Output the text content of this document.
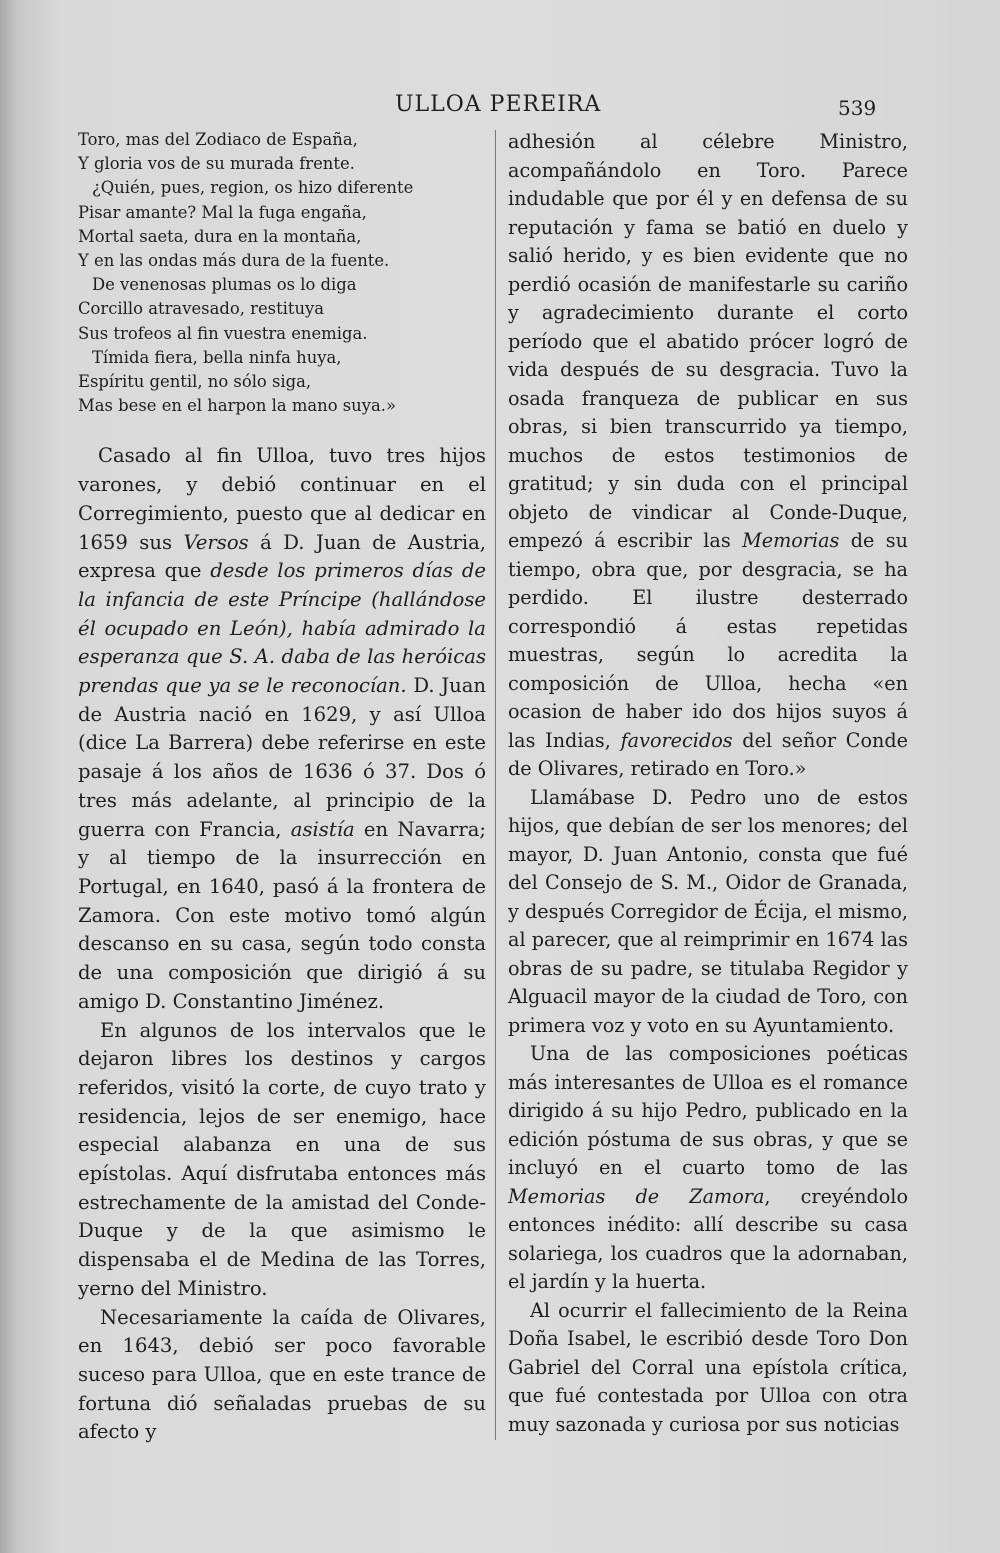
ULLOA PEREIRA	539
Toro, mas del Zodiaco de España,
Y gloria vos de su murada frente.
¿Quién, pues, region, os hizo diferente
Pisar amante? Mal la fuga engaña,
Mortal saeta, dura en la montaña,
Y en las ondas más dura de la fuente.
De venenosas plumas os lo diga
Corcillo atravesado, restituya
Sus trofeos al fin vuestra enemiga.
Tímida fiera, bella ninfa huya,
Espíritu gentil, no sólo siga,
Mas bese en el harpon la mano suya.»

Casado al fin Ulloa, tuvo tres hijos varones, y debió continuar en el Corregimiento, puesto que al dedicar en 1659 sus Versos á D. Juan de Austria, expresa que desde los primeros días de la infancia de este Príncipe (hallándose él ocupado en León), había admirado la esperanza que S. A. daba de las heróicas prendas que ya se le reconocían. D. Juan de Austria nació en 1629, y así Ulloa (dice La Barrera) debe referirse en este pasaje á los años de 1636 ó 37. Dos ó tres más adelante, al principio de la guerra con Francia, asistía en Navarra; y al tiempo de la insurrección en Portugal, en 1640, pasó á la frontera de Zamora. Con este motivo tomó algún descanso en su casa, según todo consta de una composición que dirigió á su amigo D. Constantino Jiménez.

En algunos de los intervalos que le dejaron libres los destinos y cargos referidos, visitó la corte, de cuyo trato y residencia, lejos de ser enemigo, hace especial alabanza en una de sus epístolas. Aquí disfrutaba entonces más estrechamente de la amistad del Conde-Duque y de la que asimismo le dispensaba el de Medina de las Torres, yerno del Ministro.

Necesariamente la caída de Olivares, en 1643, debió ser poco favorable suceso para Ulloa, que en este trance de fortuna dió señaladas pruebas de su afecto y

adhesión al célebre Ministro, acompañándolo en Toro. Parece indudable que por él y en defensa de su reputación y fama se batió en duelo y salió herido, y es bien evidente que no perdió ocasión de manifestarle su cariño y agradecimiento durante el corto período que el abatido prócer logró de vida después de su desgracia. Tuvo la osada franqueza de publicar en sus obras, si bien transcurrido ya tiempo, muchos de estos testimonios de gratitud; y sin duda con el principal objeto de vindicar al Conde-Duque, empezó á escribir las Memorias de su tiempo, obra que, por desgracia, se ha perdido. El ilustre desterrado correspondió á estas repetidas muestras, según lo acredita la composición de Ulloa, hecha «en ocasion de haber ido dos hijos suyos á las Indias, favorecidos del señor Conde de Olivares, retirado en Toro.»

Llamábase D. Pedro uno de estos hijos, que debían de ser los menores; del mayor, D. Juan Antonio, consta que fué del Consejo de S. M., Oidor de Granada, y después Corregidor de Écija, el mismo, al parecer, que al reimprimir en 1674 las obras de su padre, se titulaba Regidor y Alguacil mayor de la ciudad de Toro, con primera voz y voto en su Ayuntamiento.

Una de las composiciones poéticas más interesantes de Ulloa es el romance dirigido á su hijo Pedro, publicado en la edición póstuma de sus obras, y que se incluyó en el cuarto tomo de las Memorias de Zamora, creyéndolo entonces inédito: allí describe su casa solariega, los cuadros que la adornaban, el jardín y la huerta.

Al ocurrir el fallecimiento de la Reina Doña Isabel, le escribió desde Toro Don Gabriel del Corral una epístola crítica, que fué contestada por Ulloa con otra muy sazonada y curiosa por sus noticias
